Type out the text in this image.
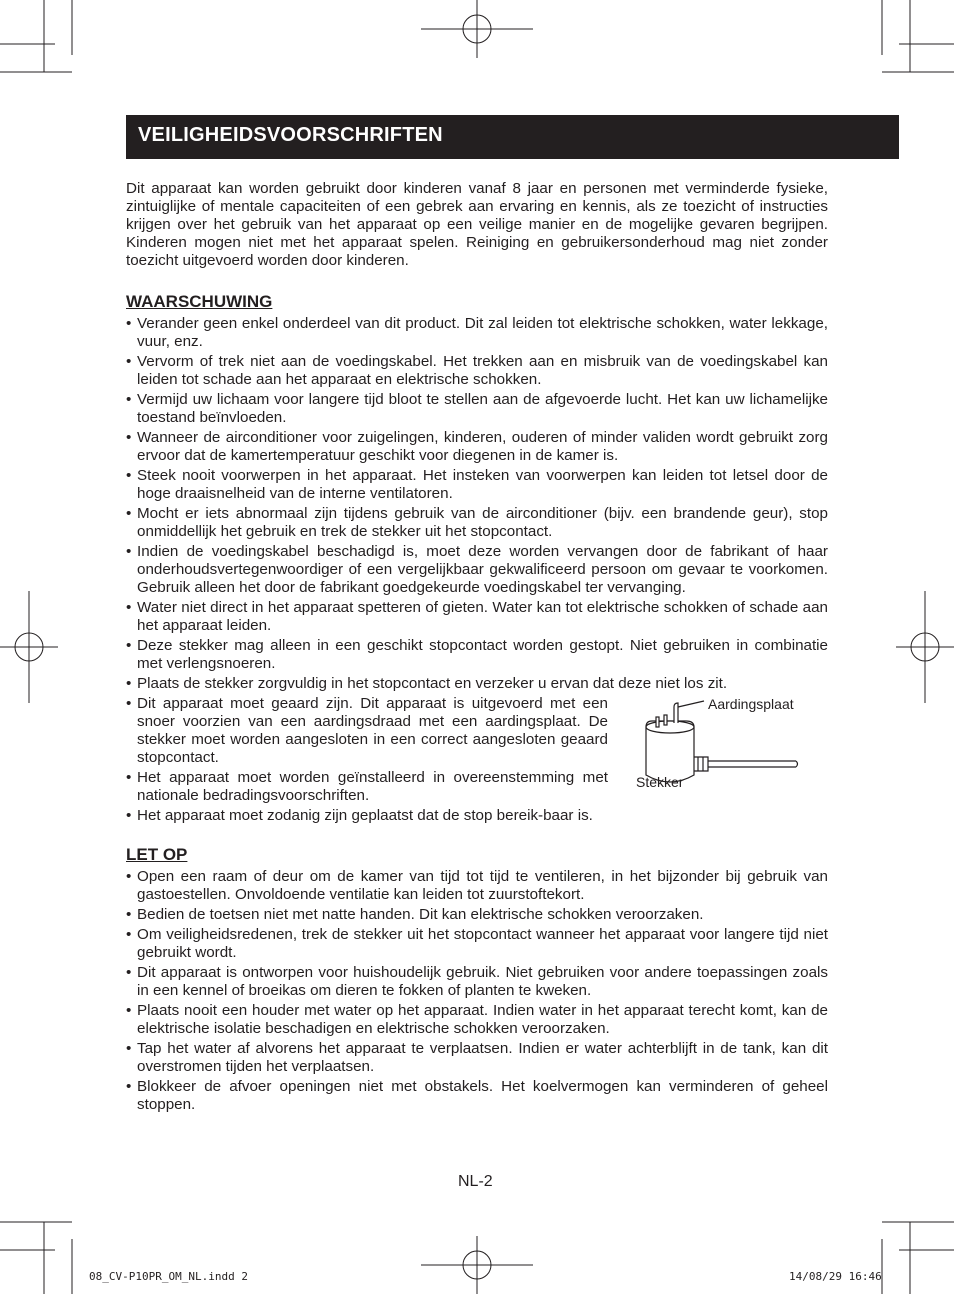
VEILIGHEIDSVOORSCHRIFTEN

Dit apparaat kan worden gebruikt door kinderen vanaf 8 jaar en personen met verminderde fysieke, zintuiglijke of mentale capaciteiten of een gebrek aan ervaring en kennis, als ze toezicht of instructies krijgen over het gebruik van het apparaat op een veilige manier en de mogelijke gevaren begrijpen. Kinderen mogen niet met het apparaat spelen. Reiniging en gebruikersonderhoud mag niet zonder toezicht uitgevoerd worden door kinderen.

WAARSCHUWING
• Verander geen enkel onderdeel van dit product. Dit zal leiden tot elektrische schokken, water lekkage, vuur, enz.
• Vervorm of trek niet aan de voedingskabel. Het trekken aan en misbruik van de voedingskabel kan leiden tot schade aan het apparaat en elektrische schokken.
• Vermijd uw lichaam voor langere tijd bloot te stellen aan de afgevoerde lucht. Het kan uw lichamelijke toestand beïnvloeden.
• Wanneer de airconditioner voor zuigelingen, kinderen, ouderen of minder validen wordt gebruikt zorg ervoor dat de kamertemperatuur geschikt voor diegenen in de kamer is.
• Steek nooit voorwerpen in het apparaat. Het insteken van voorwerpen kan leiden tot letsel door de hoge draaisnelheid van de interne ventilatoren.
• Mocht er iets abnormaal zijn tijdens gebruik van de airconditioner (bijv. een brandende geur), stop onmiddellijk het gebruik en trek de stekker uit het stopcontact.
• Indien de voedingskabel beschadigd is, moet deze worden vervangen door de fabrikant of haar onderhoudsvertegenwoordiger of een vergelijkbaar gekwalificeerd persoon om gevaar te voorkomen. Gebruik alleen het door de fabrikant goedgekeurde voedingskabel ter vervanging.
• Water niet direct in het apparaat spetteren of gieten. Water kan tot elektrische schokken of schade aan het apparaat leiden.
• Deze stekker mag alleen in een geschikt stopcontact worden gestopt. Niet gebruiken in combinatie met verlengsnoeren.
• Plaats de stekker zorgvuldig in het stopcontact en verzeker u ervan dat deze niet los zit.
• Dit apparaat moet geaard zijn. Dit apparaat is uitgevoerd met een snoer voorzien van een aardingsdraad met een aardingsplaat. De stekker moet worden aangesloten in een correct aangesloten geaard stopcontact.
• Het apparaat moet worden geïnstalleerd in overeenstemming met nationale bedradingsvoorschriften.
• Het apparaat moet zodanig zijn geplaatst dat de stop bereik-baar is.
Aardingsplaat
Stekker
LET OP
• Open een raam of deur om de kamer van tijd tot tijd te ventileren, in het bijzonder bij gebruik van gastoestellen. Onvoldoende ventilatie kan leiden tot zuurstoftekort.
• Bedien de toetsen niet met natte handen. Dit kan elektrische schokken veroorzaken.
• Om veiligheidsredenen, trek de stekker uit het stopcontact wanneer het apparaat voor langere tijd niet gebruikt wordt.
• Dit apparaat is ontworpen voor huishoudelijk gebruik. Niet gebruiken voor andere toepassingen zoals in een kennel of broeikas om dieren te fokken of planten te kweken.
• Plaats nooit een houder met water op het apparaat. Indien water in het apparaat terecht komt, kan de elektrische isolatie beschadigen en elektrische schokken veroorzaken.
• Tap het water af alvorens het apparaat te verplaatsen. Indien er water achterblijft in de tank, kan dit overstromen tijden het verplaatsen.
• Blokkeer de afvoer openingen niet met obstakels. Het koelvermogen kan verminderen of geheel stoppen.
NL-2
08_CV-P10PR_OM_NL.indd 2	14/08/29 16:46
